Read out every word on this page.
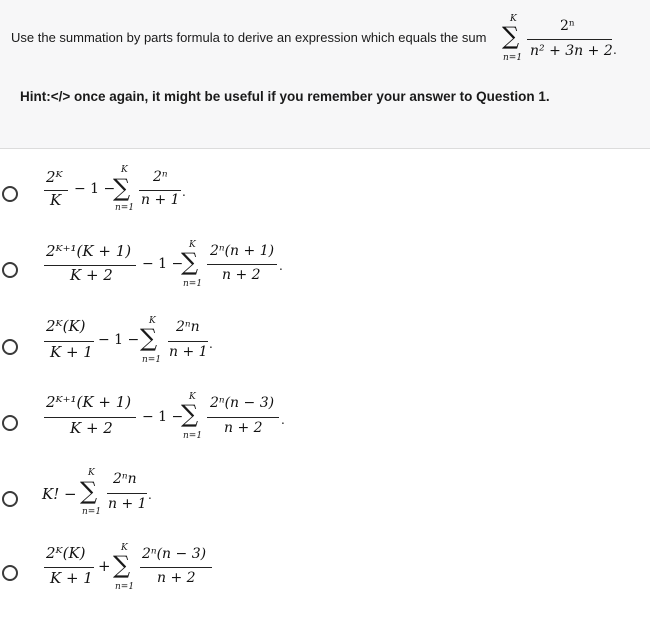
Use the summation by parts formula to derive an expression which equals the sum
K
∑
n=1
2ⁿ
n² + 3n + 2 .
Hint:</> once again, it might be useful if you remember your answer to Question 1.
2ᴷ
K
− 1 −
K
∑
n=1
2ⁿ
n + 1 .
2ᴷ⁺¹(K + 1)
K + 2
− 1 −
K
∑
n=1
2ⁿ(n + 1)
n + 2
.
2ᴷ(K)
K + 1
− 1 −
K
∑
n=1
2ⁿn
n + 1 .
2ᴷ⁺¹(K + 1)
K + 2
− 1 −
K
∑
n=1
2ⁿ(n − 3)
n + 2 .
K! −
K
∑
n=1
2ⁿn
n + 1
.
2ᴷ(K)
K + 1
+
K
∑
n=1
2ⁿ(n − 3)
n + 2
